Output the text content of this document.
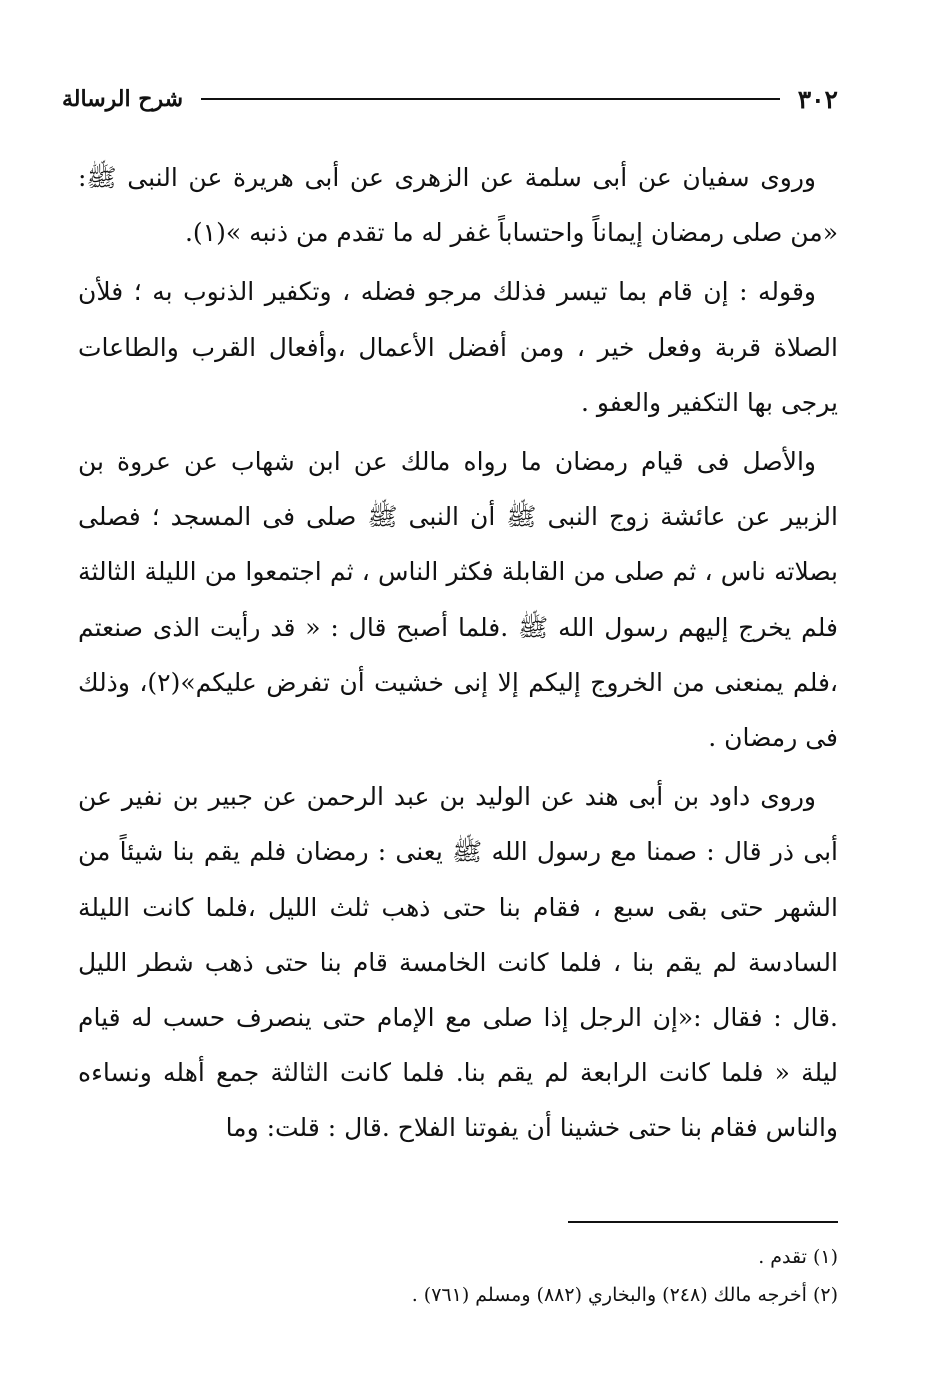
٣٠٢
شرح الرسالة

وروى سفيان عن أبى سلمة عن الزهرى عن أبى هريرة عن النبى ﷺ: «من صلى رمضان إيماناً واحتساباً غفر له ما تقدم من ذنبه »(١).

وقوله : إن قام بما تيسر فذلك مرجو فضله ، وتكفير الذنوب به ؛ فلأن الصلاة قربة وفعل خير ، ومن أفضل الأعمال ،وأفعال القرب والطاعات يرجى بها التكفير والعفو .

والأصل فى قيام رمضان ما رواه مالك عن ابن شهاب عن عروة بن الزبير عن عائشة زوج النبى ﷺ أن النبى ﷺ صلى فى المسجد ؛ فصلى بصلاته ناس ، ثم صلى من القابلة فكثر الناس ، ثم اجتمعوا من الليلة الثالثة فلم يخرج إليهم رسول الله ﷺ .فلما أصبح قال : « قد رأيت الذى صنعتم ،فلم يمنعنى من الخروج إليكم إلا إنى خشيت أن تفرض عليكم»(٢)، وذلك فى رمضان .

وروى داود بن أبى هند عن الوليد بن عبد الرحمن عن جبير بن نفير عن أبى ذر قال : صمنا مع رسول الله ﷺ يعنى : رمضان فلم يقم بنا شيئاً من الشهر حتى بقى سبع ، فقام بنا حتى ذهب ثلث الليل ،فلما كانت الليلة السادسة لم يقم بنا ، فلما كانت الخامسة قام بنا حتى ذهب شطر الليل .قال : فقال :«إن الرجل إذا صلى مع الإمام حتى ينصرف حسب له قيام ليلة « فلما كانت الرابعة لم يقم بنا. فلما كانت الثالثة جمع أهله ونساءه والناس فقام بنا حتى خشينا أن يفوتنا الفلاح .قال : قلت: وما

(١) تقدم .

(٢) أخرجه مالك (٢٤٨) والبخاري (٨٨٢) ومسلم (٧٦١) .
